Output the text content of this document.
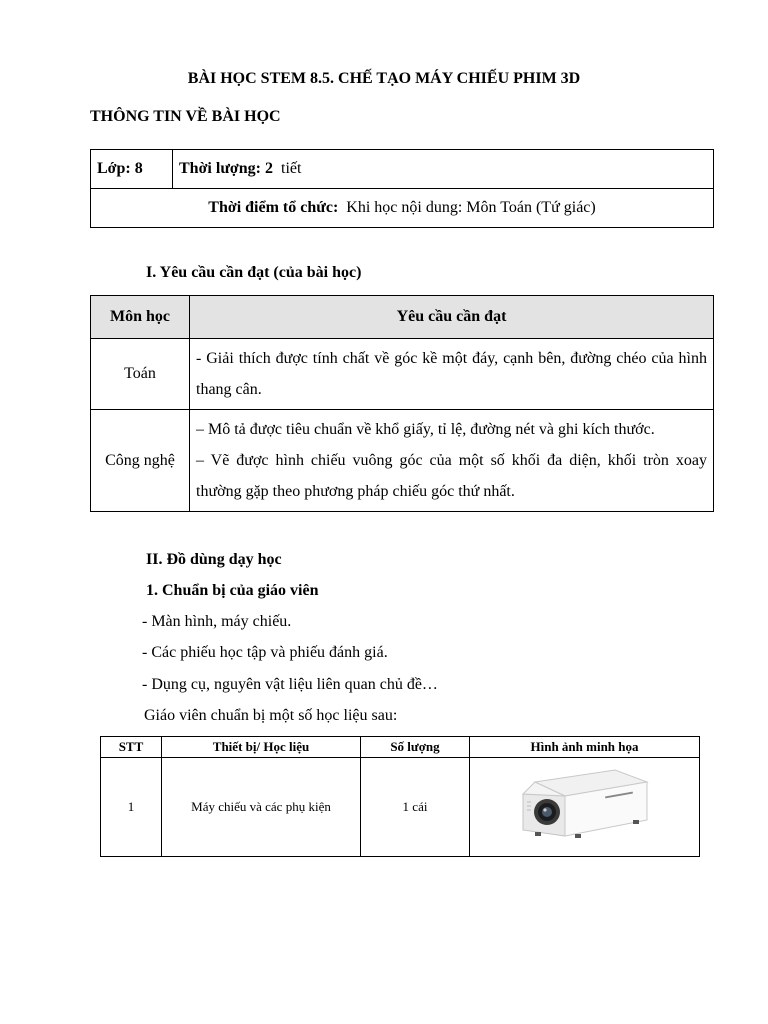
BÀI HỌC STEM 8.5. CHẾ TẠO MÁY CHIẾU PHIM 3D
THÔNG TIN VỀ BÀI HỌC
Lớp: 8	Thời lượng: 2 tiết
Thời điểm tổ chức: Khi học nội dung: Môn Toán (Tứ giác)
I. Yêu cầu cần đạt (của bài học)
Môn học	Yêu cầu cần đạt
Toán	- Giải thích được tính chất về góc kề một đáy, cạnh bên, đường chéo của hình thang cân.

Công nghệ	– Mô tả được tiêu chuẩn về khổ giấy, tỉ lệ, đường nét và ghi kích thước.
– Vẽ được hình chiếu vuông góc của một số khối đa diện, khối tròn xoay thường gặp theo phương pháp chiếu góc thứ nhất.
II. Đồ dùng dạy học
1. Chuẩn bị của giáo viên
- Màn hình, máy chiếu.
- Các phiếu học tập và phiếu đánh giá.
- Dụng cụ, nguyên vật liệu liên quan chủ đề…
Giáo viên chuẩn bị một số học liệu sau:
STT	Thiết bị/ Học liệu	Số lượng	Hình ảnh minh họa
1	Máy chiếu và các phụ kiện	1 cái	
